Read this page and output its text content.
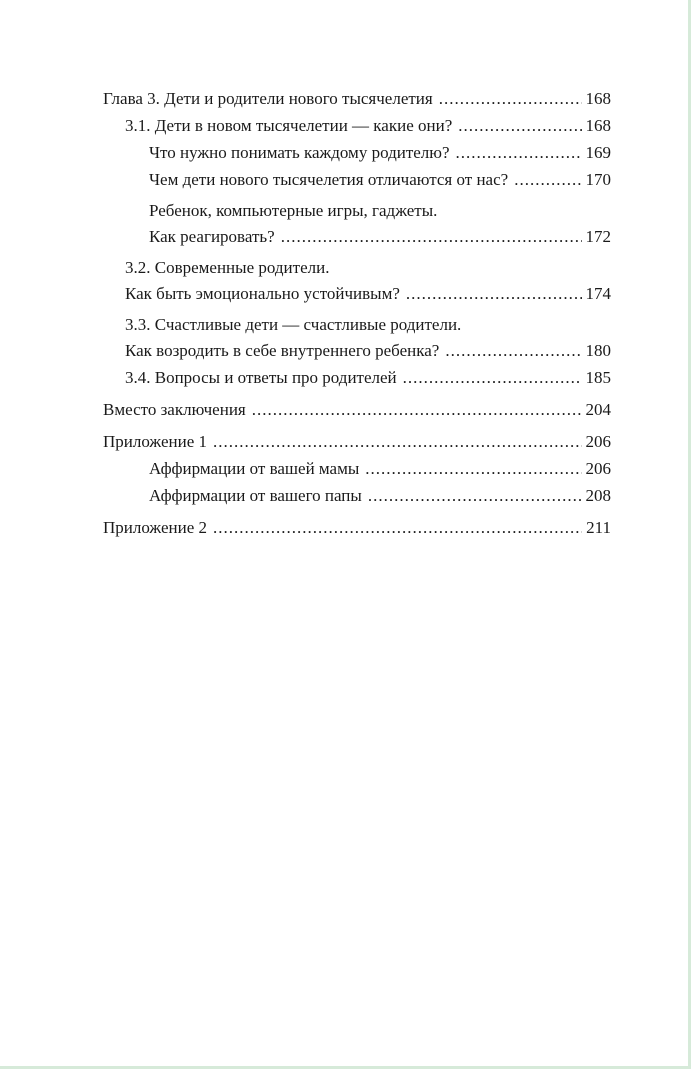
Глава 3. Дети и родители нового тысячелетия .....	168
3.1. Дети в новом тысячелетии — какие они? .....	168
Что нужно понимать каждому родителю? .....	169
Чем дети нового тысячелетия отличаются от нас? .....	170
Ребенок, компьютерные игры, гаджеты.
Как реагировать? .....	172
3.2. Современные родители.
Как быть эмоционально устойчивым? .....	174
3.3. Счастливые дети — счастливые родители.
Как возродить в себе внутреннего ребенка? .....	180
3.4. Вопросы и ответы про родителей .....	185
Вместо заключения .....	204
Приложение 1 .....	206
Аффирмации от вашей мамы .....	206
Аффирмации от вашего папы .....	208
Приложение 2 .....	211
